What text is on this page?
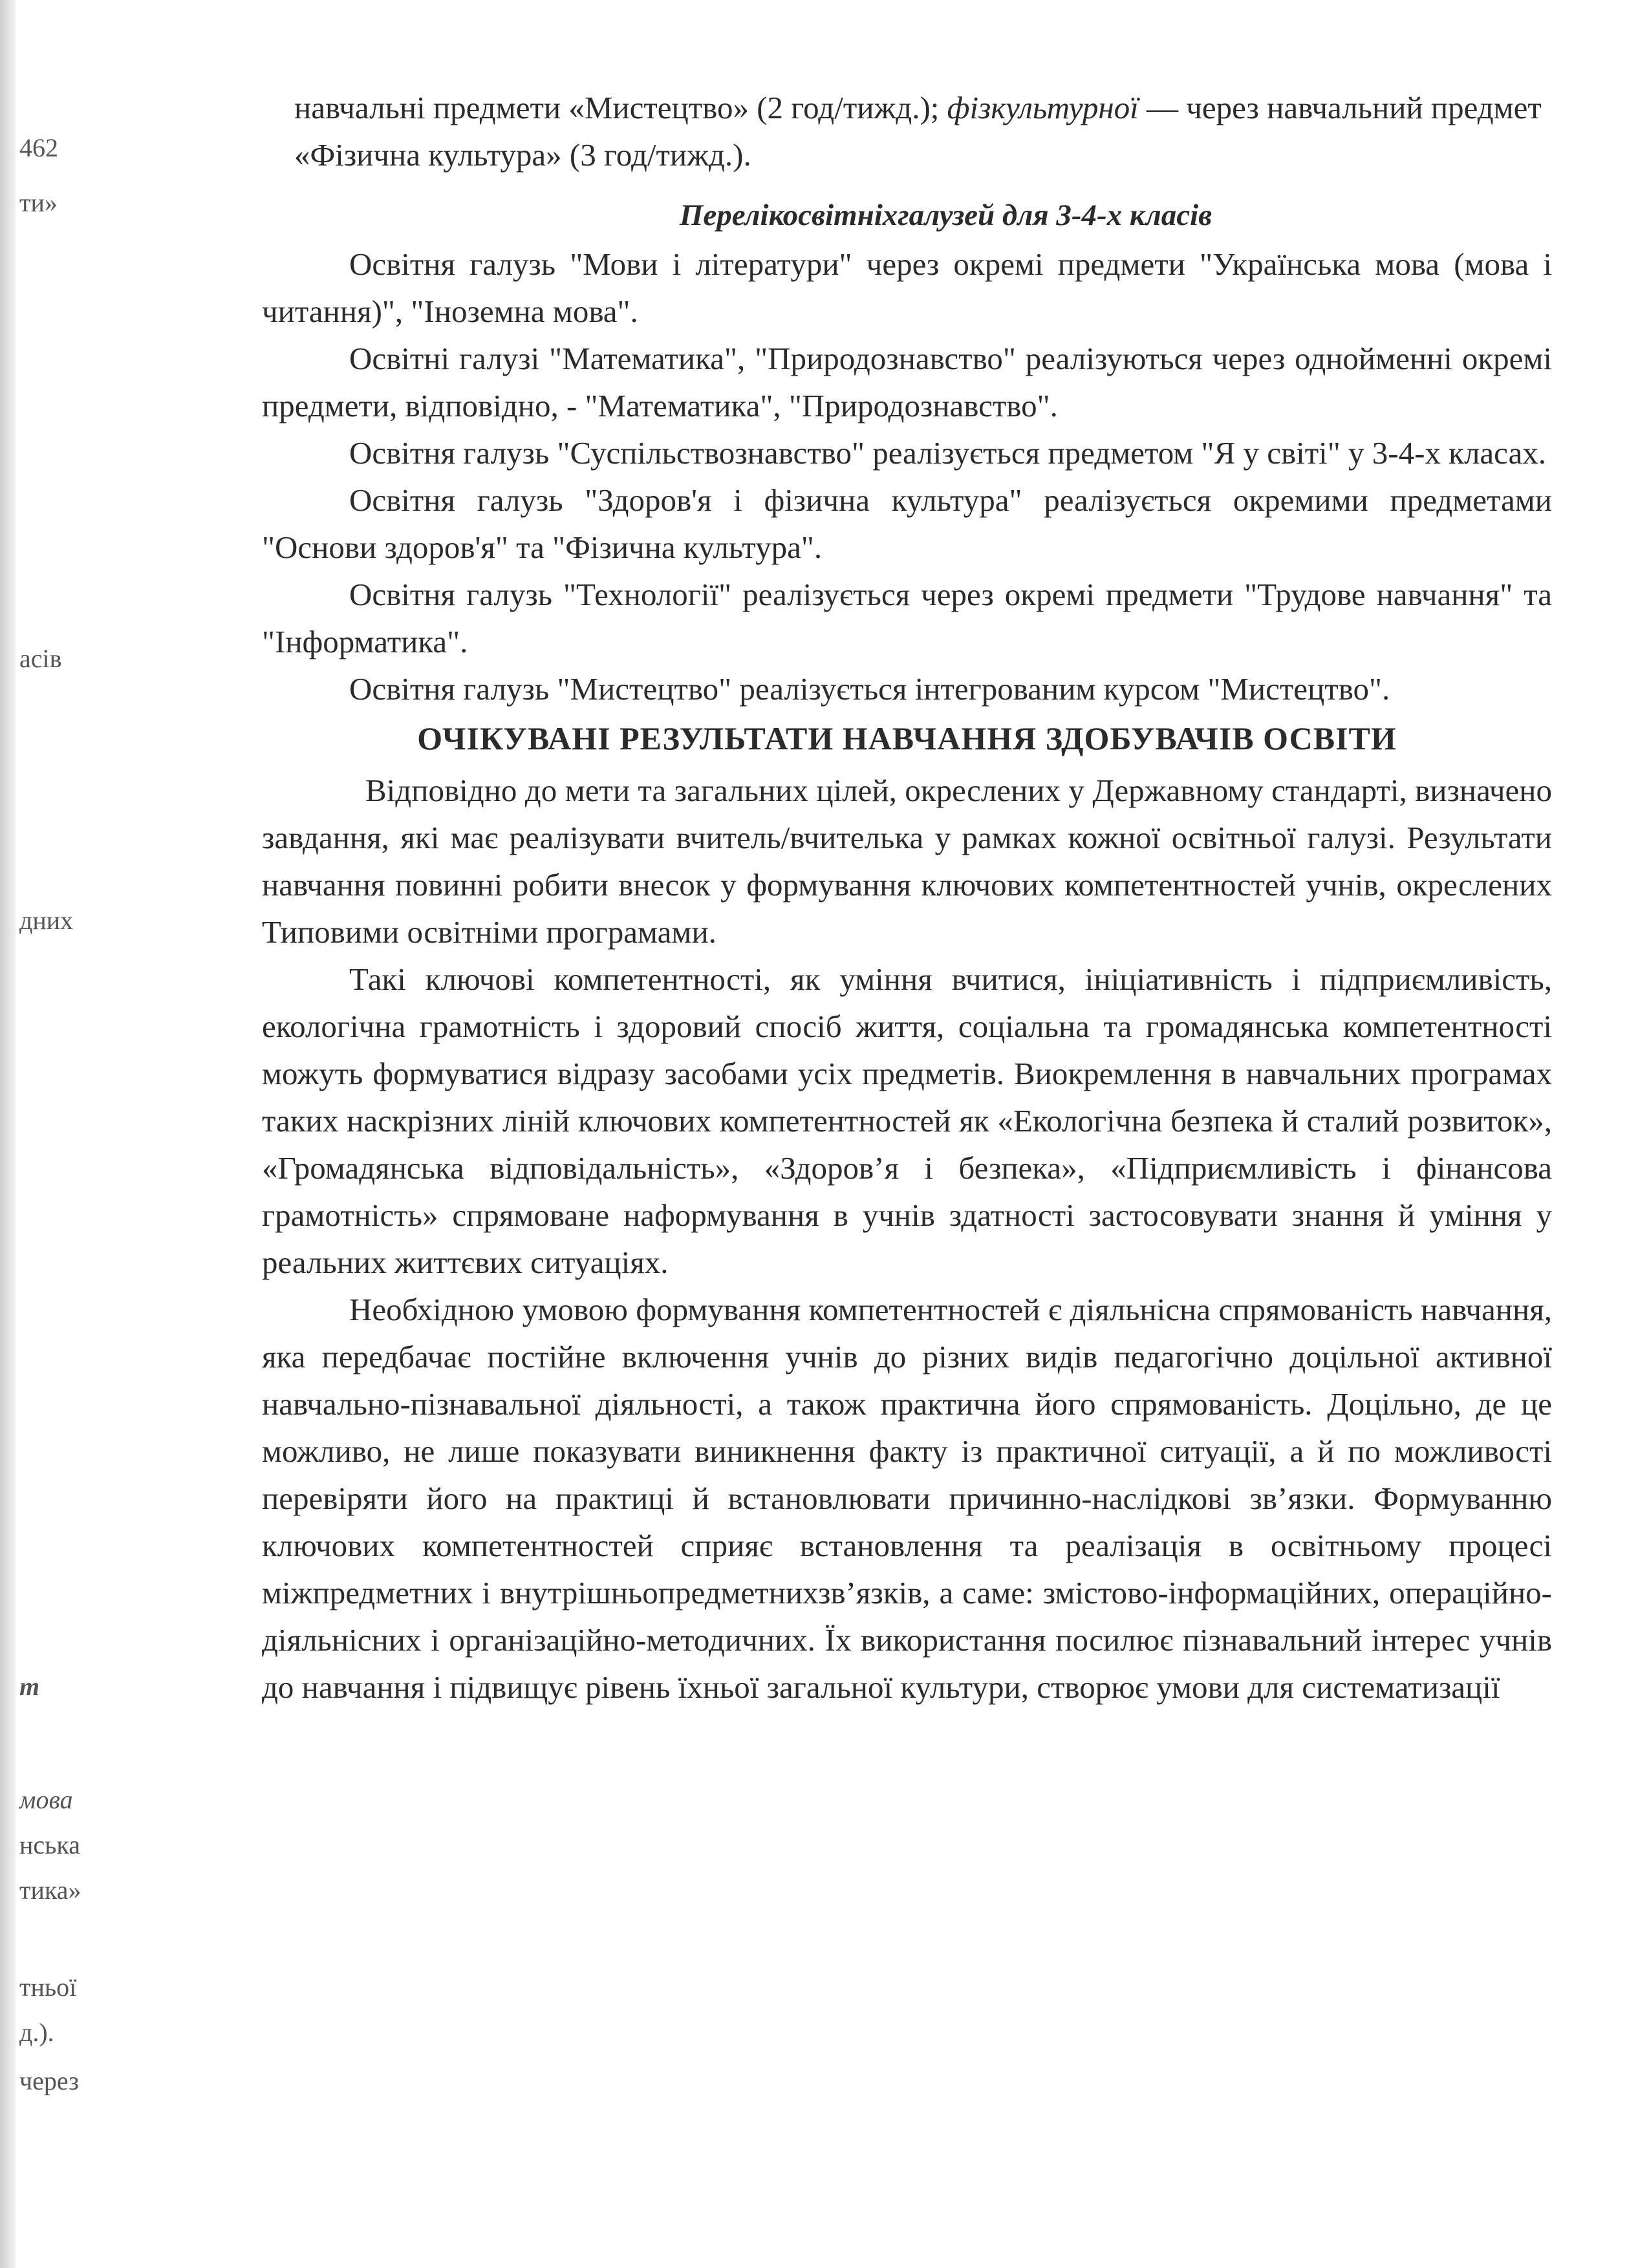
462
ти»
асів
дних
m
мова
нська
тика»
тньої
д.).
через

навчальні предмети «Мистецтво» (2 год/тижд.); фізкультурної — через навчальний предмет «Фізична культура» (3 год/тижд.).

Перелікосвітніхгалузей для 3-4-х класів

Освітня галузь "Мови і літератури" через окремі предмети "Українська мова (мова і читання)", "Іноземна мова".

Освітні галузі "Математика", "Природознавство" реалізуються через однойменні окремі предмети, відповідно, - "Математика", "Природознавство".

Освітня галузь "Суспільствознавство" реалізується предметом "Я у світі" у 3-4-х класах.

Освітня галузь "Здоров'я і фізична культура" реалізується окремими предметами "Основи здоров'я" та "Фізична культура".

Освітня галузь "Технології" реалізується через окремі предмети "Трудове навчання" та "Інформатика".

Освітня галузь "Мистецтво" реалізується інтегрованим курсом "Мистецтво".

ОЧІКУВАНІ РЕЗУЛЬТАТИ НАВЧАННЯ ЗДОБУВАЧІВ ОСВІТИ

Відповідно до мети та загальних цілей, окреслених у Державному стандарті, визначено завдання, які має реалізувати вчитель/вчителька у рамках кожної освітньої галузі. Результати навчання повинні робити внесок у формування ключових компетентностей учнів, окреслених Типовими освітніми програмами.

Такі ключові компетентності, як уміння вчитися, ініціативність і підприємливість, екологічна грамотність і здоровий спосіб життя, соціальна та громадянська компетентності можуть формуватися відразу засобами усіх предметів. Виокремлення в навчальних програмах таких наскрізних ліній ключових компетентностей як «Екологічна безпека й сталий розвиток», «Громадянська відповідальність», «Здоров’я і безпека», «Підприємливість і фінансова грамотність» спрямоване наформування в учнів здатності застосовувати знання й уміння у реальних життєвих ситуаціях.

Необхідною умовою формування компетентностей є діяльнісна спрямованість навчання, яка передбачає постійне включення учнів до різних видів педагогічно доцільної активної навчально-пізнавальної діяльності, а також практична його спрямованість. Доцільно, де це можливо, не лише показувати виникнення факту із практичної ситуації, а й по можливості перевіряти його на практиці й встановлювати причинно-наслідкові зв’язки. Формуванню ключових компетентностей сприяє встановлення та реалізація в освітньому процесі міжпредметних і внутрішньопредметнихзв’язків, а саме: змістово-інформаційних, операційно-діяльнісних і організаційно-методичних. Їх використання посилює пізнавальний інтерес учнів до навчання і підвищує рівень їхньої загальної культури, створює умови для систематизації
